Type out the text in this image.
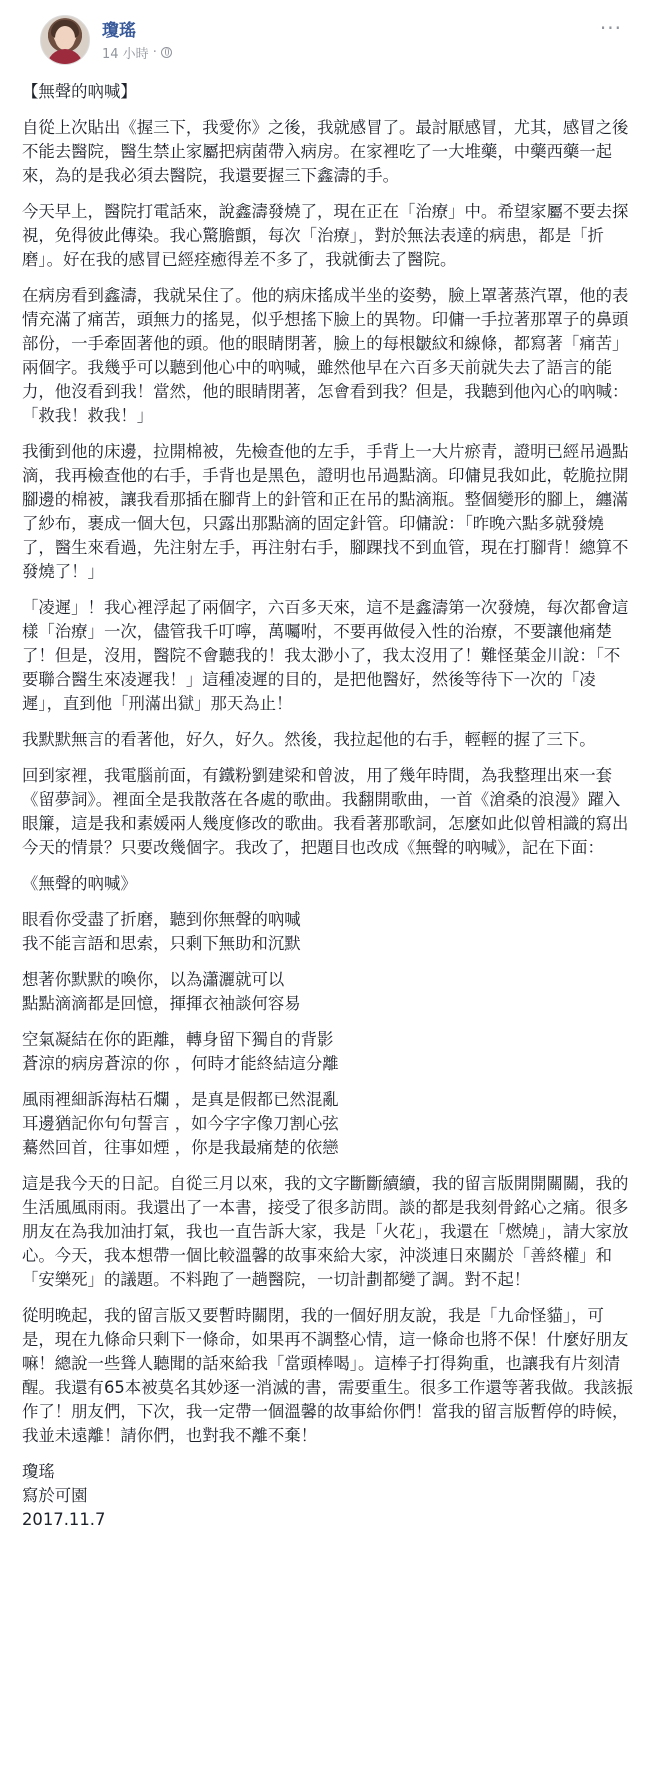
瓊瑤
14 小時 ·
···

【無聲的吶喊】

自從上次貼出《握三下，我愛你》之後，我就感冒了。最討厭感冒，尤其，感冒之後不能去醫院，醫生禁止家屬把病菌帶入病房。在家裡吃了一大堆藥，中藥西藥一起來，為的是我必須去醫院，我還要握三下鑫濤的手。

今天早上，醫院打電話來，說鑫濤發燒了，現在正在「治療」中。希望家屬不要去探視，免得彼此傳染。我心驚膽顫，每次「治療」，對於無法表達的病患，都是「折磨」。好在我的感冒已經痊癒得差不多了，我就衝去了醫院。

在病房看到鑫濤，我就呆住了。他的病床搖成半坐的姿勢，臉上罩著蒸汽罩，他的表情充滿了痛苦，頭無力的搖晃，似乎想搖下臉上的異物。印傭一手拉著那罩子的鼻頭部份，一手牽固著他的頭。他的眼睛閉著，臉上的每根皺紋和線條，都寫著「痛苦」兩個字。我幾乎可以聽到他心中的吶喊，雖然他早在六百多天前就失去了語言的能力，他沒看到我！當然，他的眼睛閉著，怎會看到我？但是，我聽到他內心的吶喊：「救我！救我！」

我衝到他的床邊，拉開棉被，先檢查他的左手，手背上一大片瘀青，證明已經吊過點滴，我再檢查他的右手，手背也是黑色，證明也吊過點滴。印傭見我如此，乾脆拉開腳邊的棉被，讓我看那插在腳背上的針管和正在吊的點滴瓶。整個變形的腳上，纏滿了紗布，裹成一個大包，只露出那點滴的固定針管。印傭說：「昨晚六點多就發燒了，醫生來看過，先注射左手，再注射右手，腳踝找不到血管，現在打腳背！總算不發燒了！」

「凌遲」！我心裡浮起了兩個字，六百多天來，這不是鑫濤第一次發燒，每次都會這樣「治療」一次，儘管我千叮嚀，萬囑咐，不要再做侵入性的治療，不要讓他痛楚了！但是，沒用，醫院不會聽我的！我太渺小了，我太沒用了！難怪葉金川說：「不要聯合醫生來凌遲我！」這種凌遲的目的，是把他醫好，然後等待下一次的「凌遲」，直到他「刑滿出獄」那天為止！

我默默無言的看著他，好久，好久。然後，我拉起他的右手，輕輕的握了三下。

回到家裡，我電腦前面，有鐵粉劉建梁和曾波，用了幾年時間，為我整理出來一套《留夢詞》。裡面全是我散落在各處的歌曲。我翻開歌曲，一首《滄桑的浪漫》躍入眼簾，這是我和素媛兩人幾度修改的歌曲。我看著那歌詞，怎麼如此似曾相識的寫出今天的情景？只要改幾個字。我改了，把題目也改成《無聲的吶喊》，記在下面：

《無聲的吶喊》

眼看你受盡了折磨，聽到你無聲的吶喊
我不能言語和思索，只剩下無助和沉默
想著你默默的喚你，以為瀟灑就可以
點點滴滴都是回憶，揮揮衣袖談何容易
空氣凝結在你的距離，轉身留下獨自的背影
蒼涼的病房蒼涼的你 ，何時才能終結這分離
風雨裡細訴海枯石爛 ，是真是假都已然混亂
耳邊猶記你句句誓言 ，如今字字像刀割心弦
驀然回首，往事如煙 ，你是我最痛楚的依戀

這是我今天的日記。自從三月以來，我的文字斷斷續續，我的留言版開開關關，我的生活風風雨雨。我還出了一本書，接受了很多訪問。談的都是我刻骨銘心之痛。很多朋友在為我加油打氣，我也一直告訴大家，我是「火花」，我還在「燃燒」，請大家放心。今天，我本想帶一個比較溫馨的故事來給大家，沖淡連日來關於「善終權」和「安樂死」的議題。不料跑了一趟醫院，一切計劃都變了調。對不起！

從明晚起，我的留言版又要暫時關閉，我的一個好朋友說，我是「九命怪貓」，可是，現在九條命只剩下一條命，如果再不調整心情，這一條命也將不保！什麼好朋友嘛！總說一些聳人聽聞的話來給我「當頭棒喝」。這棒子打得夠重，也讓我有片刻清醒。我還有65本被莫名其妙逐一消滅的書，需要重生。很多工作還等著我做。我該振作了！朋友們，下次，我一定帶一個溫馨的故事給你們！當我的留言版暫停的時候，我並未遠離！請你們，也對我不離不棄！

瓊瑤
寫於可園
2017.11.7
